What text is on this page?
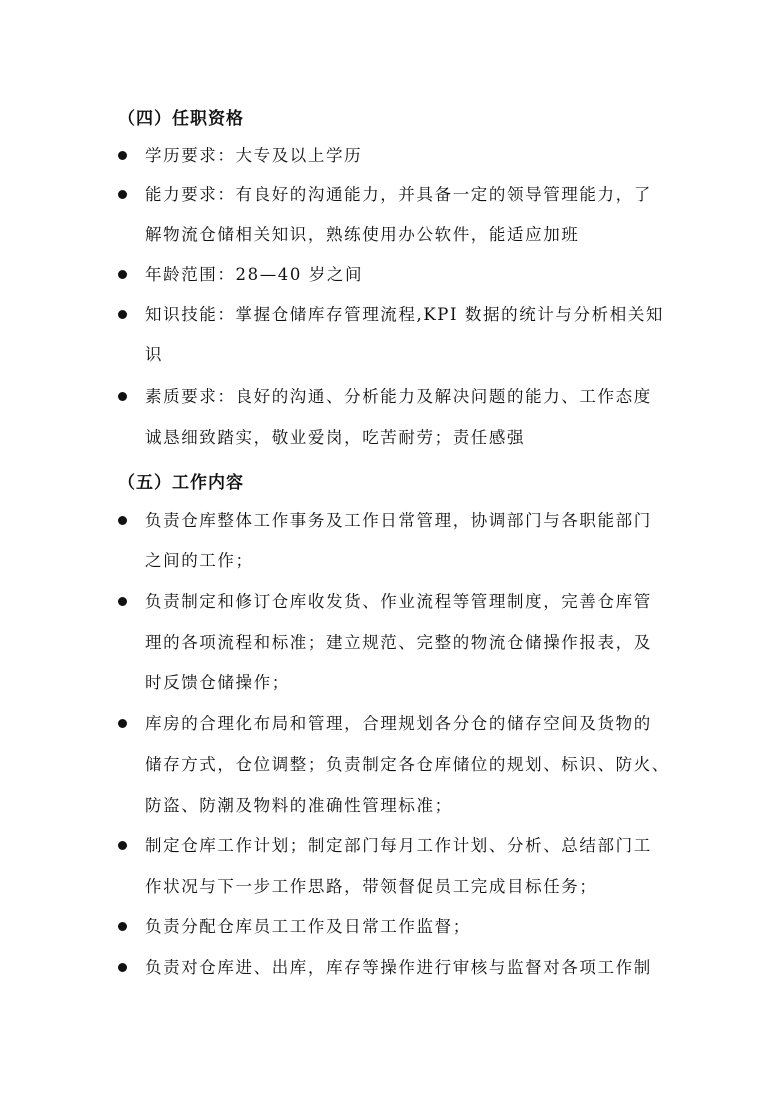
（四）任职资格
学历要求：大专及以上学历
能力要求：有良好的沟通能力，并具备一定的领导管理能力，了
解物流仓储相关知识，熟练使用办公软件，能适应加班
年龄范围：28—40 岁之间
知识技能：掌握仓储库存管理流程,KPI 数据的统计与分析相关知
识
素质要求：良好的沟通、分析能力及解决问题的能力、工作态度
诚恳细致踏实，敬业爱岗，吃苦耐劳；责任感强
（五）工作内容
负责仓库整体工作事务及工作日常管理，协调部门与各职能部门
之间的工作；
负责制定和修订仓库收发货、作业流程等管理制度，完善仓库管
理的各项流程和标准；建立规范、完整的物流仓储操作报表，及
时反馈仓储操作；
库房的合理化布局和管理，合理规划各分仓的储存空间及货物的
储存方式，仓位调整；负责制定各仓库储位的规划、标识、防火、
防盗、防潮及物料的准确性管理标准；
制定仓库工作计划；制定部门每月工作计划、分析、总结部门工
作状况与下一步工作思路，带领督促员工完成目标任务；
负责分配仓库员工工作及日常工作监督；
负责对仓库进、出库，库存等操作进行审核与监督对各项工作制
